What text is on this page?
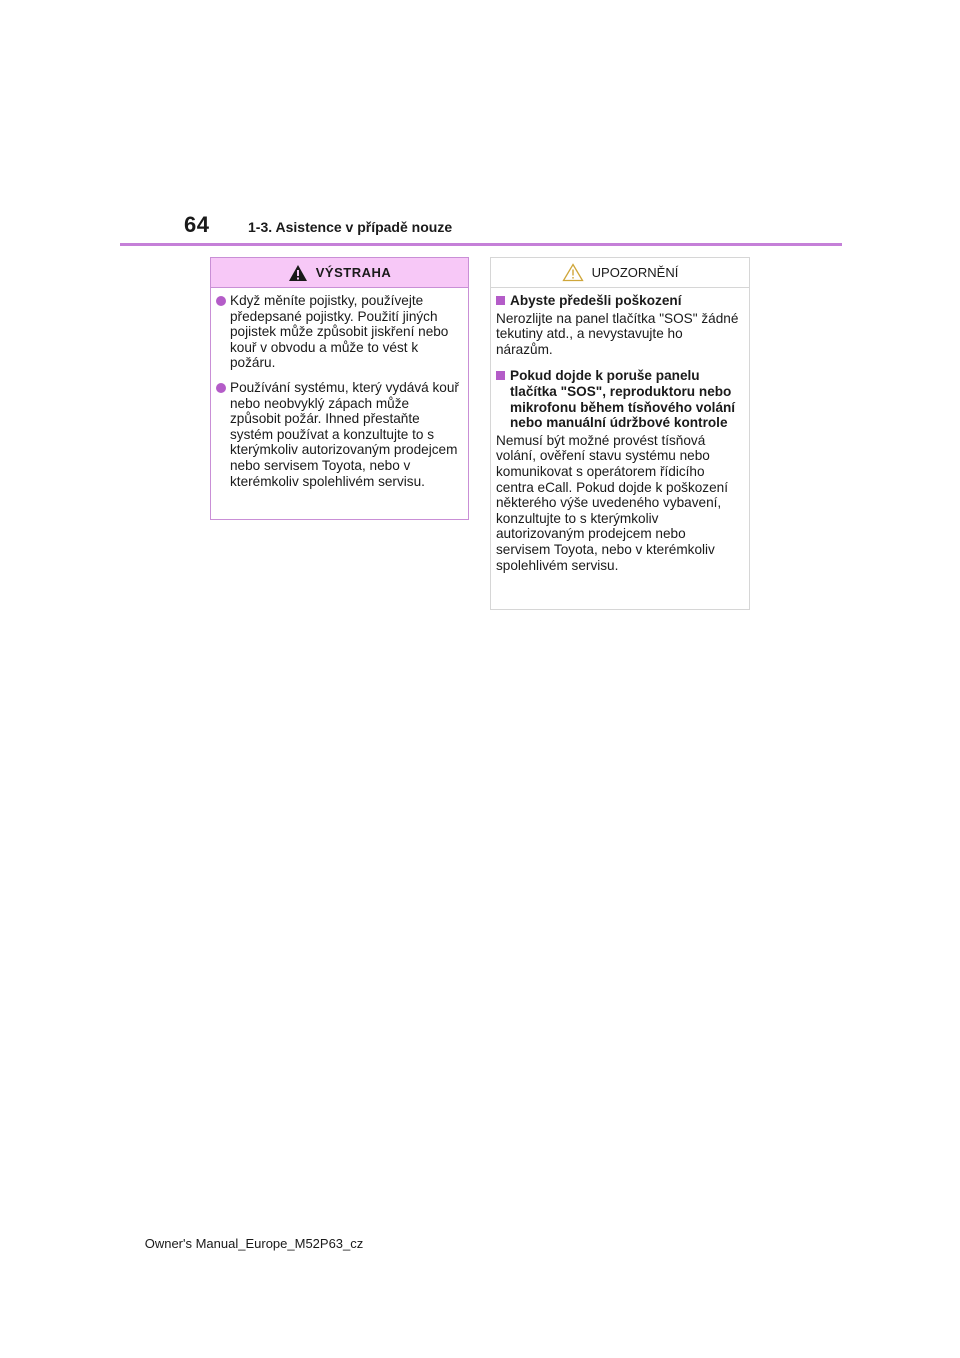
64	1-3. Asistence v případě nouze
VÝSTRAHA
Když měníte pojistky, používejte předepsané pojistky. Použití jiných pojistek může způsobit jiskření nebo kouř v obvodu a může to vést k požáru.
Používání systému, který vydává kouř nebo neobvyklý zápach může způsobit požár. Ihned přestaňte systém používat a konzultujte to s kterýmkoliv autorizovaným prodejcem nebo servisem Toyota, nebo v kterémkoliv spolehlivém servisu.
UPOZORNĚNÍ
Abyste předešli poškození
Nerozlijte na panel tlačítka "SOS" žádné tekutiny atd., a nevystavujte ho nárazům.
Pokud dojde k poruše panelu tlačítka "SOS", reproduktoru nebo mikrofonu během tísňového volání nebo manuální údržbové kontrole
Nemusí být možné provést tísňová volání, ověření stavu systému nebo komunikovat s operátorem řídicího centra eCall. Pokud dojde k poškození některého výše uvedeného vybavení, konzultujte to s kterýmkoliv autorizovaným prodejcem nebo servisem Toyota, nebo v kterémkoliv spolehlivém servisu.
Owner's Manual_Europe_M52P63_cz
